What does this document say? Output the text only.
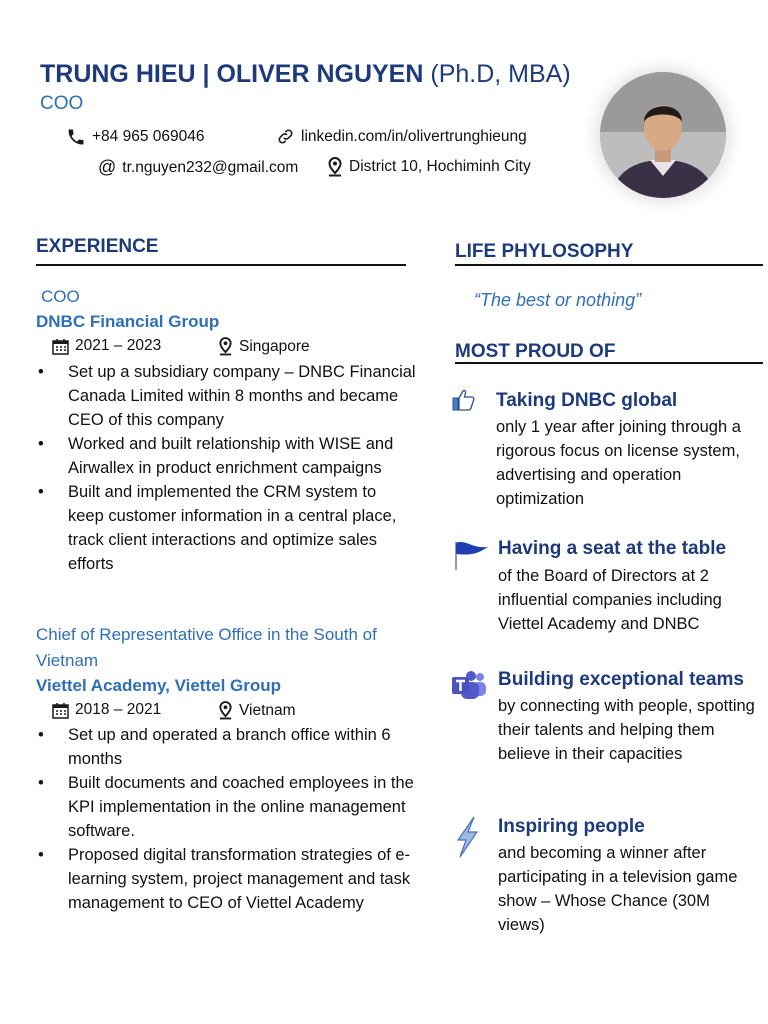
TRUNG HIEU | OLIVER NGUYEN (Ph.D, MBA)
COO
+84 965 069046	linkedin.com/in/olivertrunghieung
@ tr.nguyen232@gmail.com	District 10, Hochiminh City
EXPERIENCE
COO
DNBC Financial Group
2021 – 2023	Singapore
• Set up a subsidiary company – DNBC Financial Canada Limited within 8 months and became CEO of this company
• Worked and built relationship with WISE and Airwallex in product enrichment campaigns
• Built and implemented the CRM system to keep customer information in a central place, track client interactions and optimize sales efforts
Chief of Representative Office in the South of Vietnam
Viettel Academy, Viettel Group
2018 – 2021	Vietnam
• Set up and operated a branch office within 6 months
• Built documents and coached employees in the KPI implementation in the online management software.
• Proposed digital transformation strategies of e-learning system, project management and task management to CEO of Viettel Academy
LIFE PHYLOSOPHY
“The best or nothing”
MOST PROUD OF
Taking DNBC global
only 1 year after joining through a rigorous focus on license system, advertising and operation optimization
Having a seat at the table
of the Board of Directors at 2 influential companies including Viettel Academy and DNBC
Building exceptional teams
by connecting with people, spotting their talents and helping them believe in their capacities
Inspiring people
and becoming a winner after participating in a television game show – Whose Chance (30M views)
